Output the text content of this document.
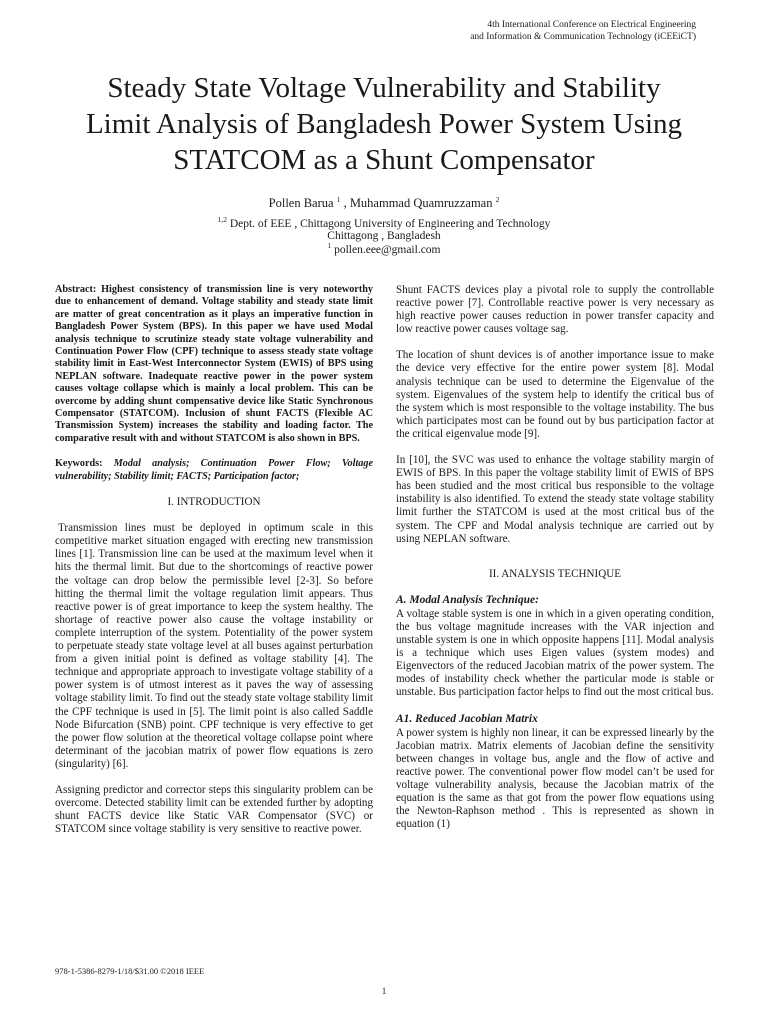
4th International Conference on Electrical Engineering
and Information & Communication Technology (iCEEiCT)
Steady State Voltage Vulnerability and Stability
Limit Analysis of Bangladesh Power System Using
STATCOM as a Shunt Compensator
Pollen Barua $^1$ , Muhammad Quamruzzaman $^2$
$^{1,2}$ Dept. of EEE , Chittagong University of Engineering and Technology
Chittagong , Bangladesh
$^1$ pollen.eee@gmail.com

Abstract: Highest consistency of transmission line is very noteworthy due to enhancement of demand. Voltage stability and steady state limit are matter of great concentration as it plays an imperative function in Bangladesh Power System (BPS). In this paper we have used Modal analysis technique to scrutinize steady state voltage vulnerability and Continuation Power Flow (CPF) technique to assess steady state voltage stability limit in East-West Interconnector System (EWIS) of BPS using NEPLAN software. Inadequate reactive power in the power system causes voltage collapse which is mainly a local problem. This can be overcome by adding shunt compensative device like Static Synchronous Compensator (STATCOM). Inclusion of shunt FACTS (Flexible AC Transmission System) increases the stability and loading factor. The comparative result with and without STATCOM is also shown in BPS.

Keywords: Modal analysis; Continuation Power Flow; Voltage vulnerability; Stability limit; FACTS; Participation factor;

I. INTRODUCTION

Transmission lines must be deployed in optimum scale in this competitive market situation engaged with erecting new transmission lines [1]. Transmission line can be used at the maximum level when it hits the thermal limit. But due to the shortcomings of reactive power the voltage can drop below the permissible level [2-3]. So before hitting the thermal limit the voltage regulation limit appears. Thus reactive power is of great importance to keep the system healthy. The shortage of reactive power also cause the voltage instability or complete interruption of the system. Potentiality of the power system to perpetuate steady state voltage level at all buses against perturbation from a given initial point is defined as voltage stability [4]. The technique and appropriate approach to investigate voltage stability of a power system is of utmost interest as it paves the way of assessing voltage stability limit. To find out the steady state voltage stability limit the CPF technique is used in [5]. The limit point is also called Saddle Node Bifurcation (SNB) point. CPF technique is very effective to get the power flow solution at the theoretical voltage collapse point where determinant of the jacobian matrix of power flow equations is zero (singularity) [6].

Assigning predictor and corrector steps this singularity problem can be overcome. Detected stability limit can be extended further by adopting shunt FACTS device like Static VAR Compensator (SVC) or STATCOM since voltage stability is very sensitive to reactive power.

Shunt FACTS devices play a pivotal role to supply the controllable reactive power [7]. Controllable reactive power is very necessary as high reactive power causes reduction in power transfer capacity and low reactive power causes voltage sag.

The location of shunt devices is of another importance issue to make the device very effective for the entire power system [8]. Modal analysis technique can be used to determine the Eigenvalue of the system. Eigenvalues of the system help to identify the critical bus of the system which is most responsible to the voltage instability. The bus which participates most can be found out by bus participation factor at the critical eigenvalue mode [9].

In [10], the SVC was used to enhance the voltage stability margin of EWIS of BPS. In this paper the voltage stability limit of EWIS of BPS has been studied and the most critical bus responsible to the voltage instability is also identified. To extend the steady state voltage stability limit further the STATCOM is used at the most critical bus of the system. The CPF and Modal analysis technique are carried out by using NEPLAN software.

II. ANALYSIS TECHNIQUE
A. Modal Analysis Technique:

A voltage stable system is one in which in a given operating condition, the bus voltage magnitude increases with the VAR injection and unstable system is one in which opposite happens [11]. Modal analysis is a technique which uses Eigen values (system modes) and Eigenvectors of the reduced Jacobian matrix of the power system. The modes of instability check whether the particular mode is stable or unstable. Bus participation factor helps to find out the most critical bus.

A1. Reduced Jacobian Matrix

A power system is highly non linear, it can be expressed linearly by the Jacobian matrix. Matrix elements of Jacobian define the sensitivity between changes in voltage bus, angle and the flow of active and reactive power. The conventional power flow model can’t be used for voltage vulnerability analysis, because the Jacobian matrix of the equation is the same as that got from the power flow equations using the Newton-Raphson method . This is represented as shown in equation (1)

978-1-5386-8279-1/18/$31.00 ©2018 IEEE
1
